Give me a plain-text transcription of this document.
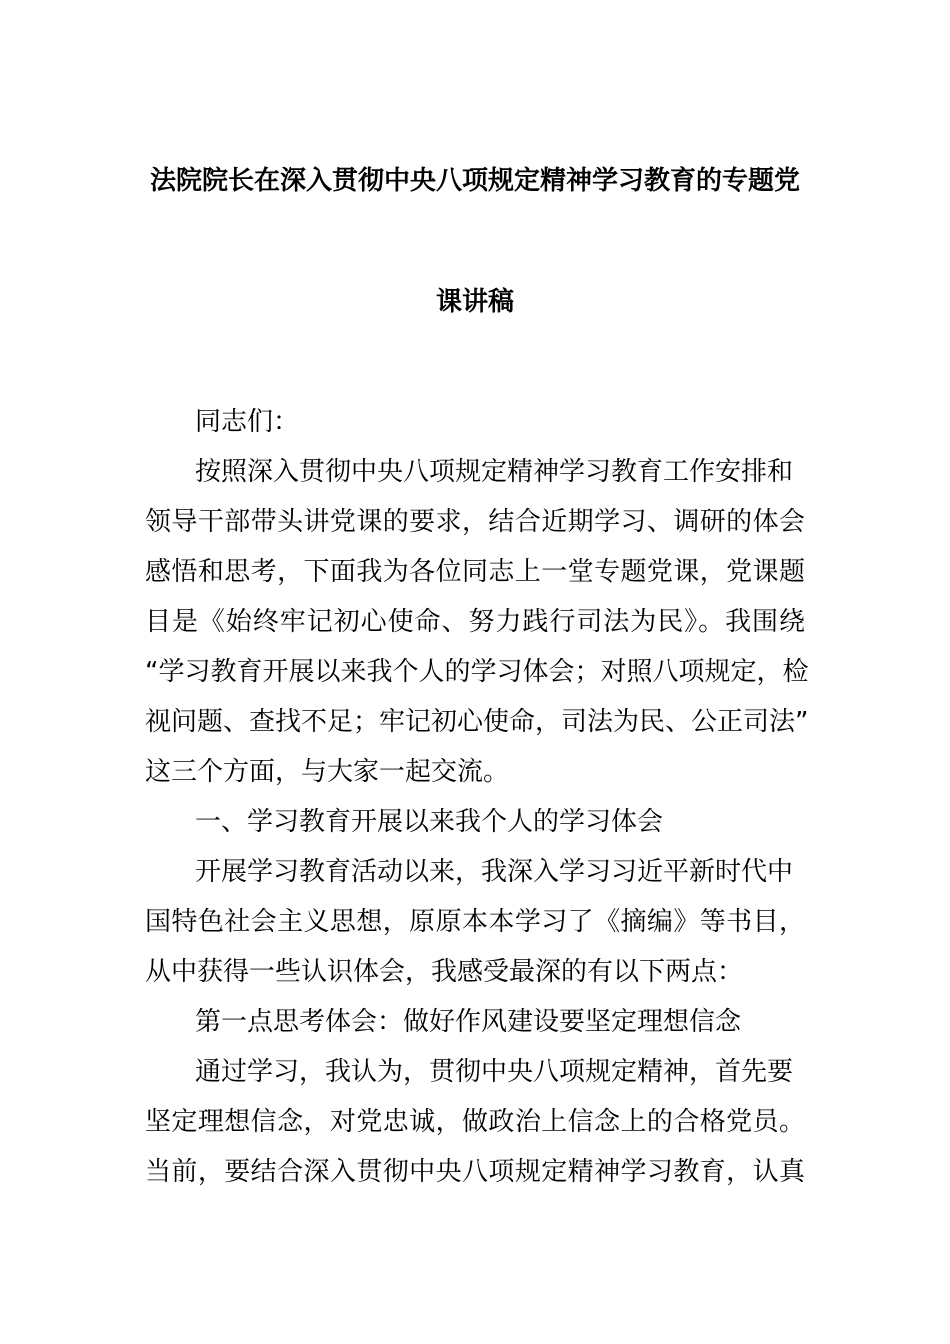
法院院长在深入贯彻中央八项规定精神学习教育的专题党
课讲稿
同志们：
按照深入贯彻中央八项规定精神学习教育工作安排和
领导干部带头讲党课的要求，结合近期学习、调研的体会
感悟和思考，下面我为各位同志上一堂专题党课，党课题
目是《始终牢记初心使命、努力践行司法为民》。我围绕
“学习教育开展以来我个人的学习体会；对照八项规定，检
视问题、查找不足；牢记初心使命，司法为民、公正司法”
这三个方面，与大家一起交流。
一、学习教育开展以来我个人的学习体会
开展学习教育活动以来，我深入学习习近平新时代中
国特色社会主义思想，原原本本学习了《摘编》等书目，
从中获得一些认识体会，我感受最深的有以下两点：
第一点思考体会：做好作风建设要坚定理想信念
通过学习，我认为，贯彻中央八项规定精神，首先要
坚定理想信念，对党忠诚，做政治上信念上的合格党员。
当前，要结合深入贯彻中央八项规定精神学习教育，认真
